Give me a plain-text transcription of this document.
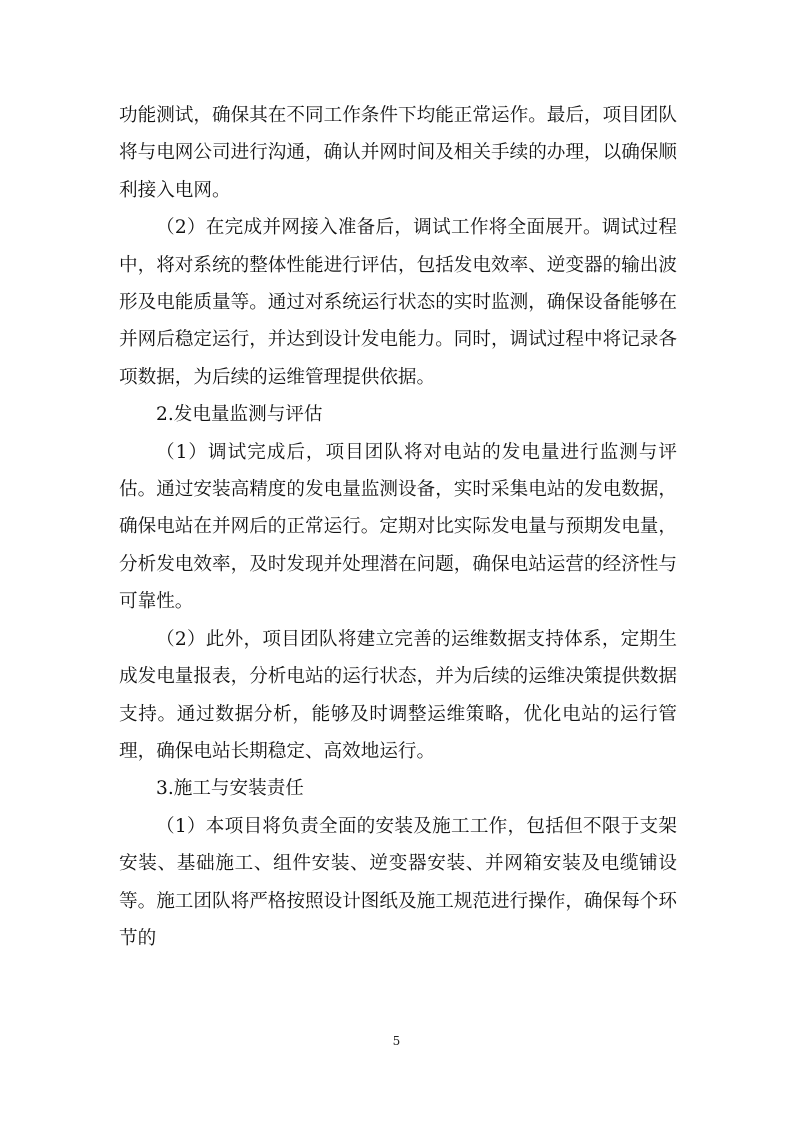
功能测试，确保其在不同工作条件下均能正常运作。最后，项目团队将与电网公司进行沟通，确认并网时间及相关手续的办理，以确保顺利接入电网。

（2）在完成并网接入准备后，调试工作将全面展开。调试过程中，将对系统的整体性能进行评估，包括发电效率、逆变器的输出波形及电能质量等。通过对系统运行状态的实时监测，确保设备能够在并网后稳定运行，并达到设计发电能力。同时，调试过程中将记录各项数据，为后续的运维管理提供依据。

2.发电量监测与评估

（1）调试完成后，项目团队将对电站的发电量进行监测与评估。通过安装高精度的发电量监测设备，实时采集电站的发电数据，确保电站在并网后的正常运行。定期对比实际发电量与预期发电量，分析发电效率，及时发现并处理潜在问题，确保电站运营的经济性与可靠性。

（2）此外，项目团队将建立完善的运维数据支持体系，定期生成发电量报表，分析电站的运行状态，并为后续的运维决策提供数据支持。通过数据分析，能够及时调整运维策略，优化电站的运行管理，确保电站长期稳定、高效地运行。

3.施工与安装责任

（1）本项目将负责全面的安装及施工工作，包括但不限于支架安装、基础施工、组件安装、逆变器安装、并网箱安装及电缆铺设等。施工团队将严格按照设计图纸及施工规范进行操作，确保每个环节的

5
